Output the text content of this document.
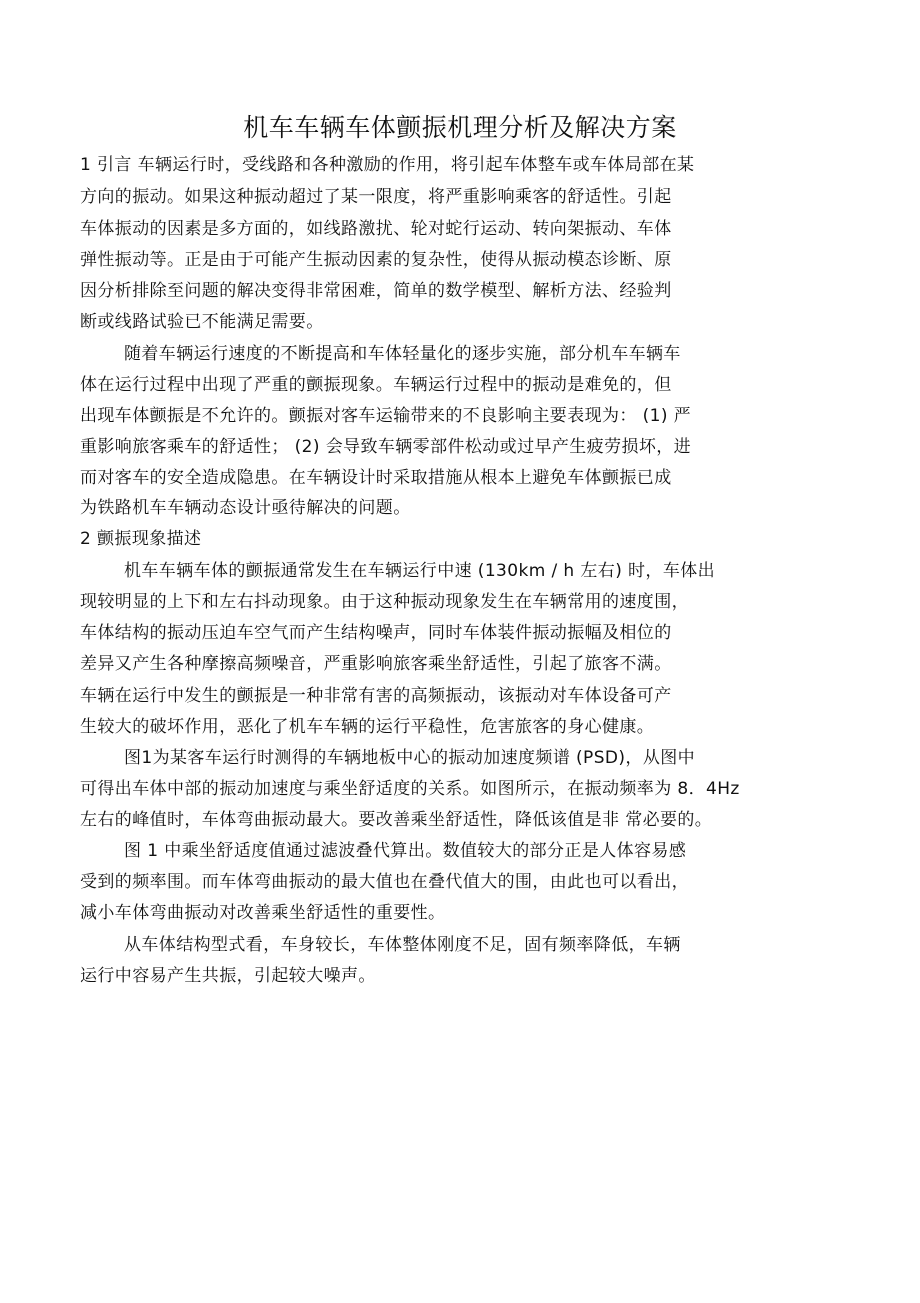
机车车辆车体颤振机理分析及解决方案
1 引言 车辆运行时，受线路和各种激励的作用，将引起车体整车或车体局部在某
方向的振动。如果这种振动超过了某一限度，将严重影响乘客的舒适性。引起
车体振动的因素是多方面的，如线路激扰、轮对蛇行运动、转向架振动、车体
弹性振动等。正是由于可能产生振动因素的复杂性，使得从振动模态诊断、原
因分析排除至问题的解决变得非常困难，简单的数学模型、解析方法、经验判
断或线路试验已不能满足需要。
随着车辆运行速度的不断提高和车体轻量化的逐步实施，部分机车车辆车
体在运行过程中出现了严重的颤振现象。车辆运行过程中的振动是难免的，但
出现车体颤振是不允许的。颤振对客车运输带来的不良影响主要表现为： (1) 严
重影响旅客乘车的舒适性； (2) 会导致车辆零部件松动或过早产生疲劳损坏，进
而对客车的安全造成隐患。在车辆设计时采取措施从根本上避免车体颤振已成
为铁路机车车辆动态设计亟待解决的问题。
2 颤振现象描述
机车车辆车体的颤振通常发生在车辆运行中速 (130km / h 左右) 时，车体出
现较明显的上下和左右抖动现象。由于这种振动现象发生在车辆常用的速度围，
车体结构的振动压迫车空气而产生结构噪声，同时车体装件振动振幅及相位的
差异又产生各种摩擦高频噪音，严重影响旅客乘坐舒适性，引起了旅客不满。
车辆在运行中发生的颤振是一种非常有害的高频振动，该振动对车体设备可产
生较大的破坏作用，恶化了机车车辆的运行平稳性，危害旅客的身心健康。
图1为某客车运行时测得的车辆地板中心的振动加速度频谱 (PSD)，从图中
可得出车体中部的振动加速度与乘坐舒适度的关系。如图所示，在振动频率为 8．4Hz
左右的峰值时，车体弯曲振动最大。要改善乘坐舒适性，降低该值是非 常必要的。
图 1 中乘坐舒适度值通过滤波叠代算出。数值较大的部分正是人体容易感
受到的频率围。而车体弯曲振动的最大值也在叠代值大的围，由此也可以看出，
减小车体弯曲振动对改善乘坐舒适性的重要性。
从车体结构型式看，车身较长，车体整体刚度不足，固有频率降低，车辆
运行中容易产生共振，引起较大噪声。
